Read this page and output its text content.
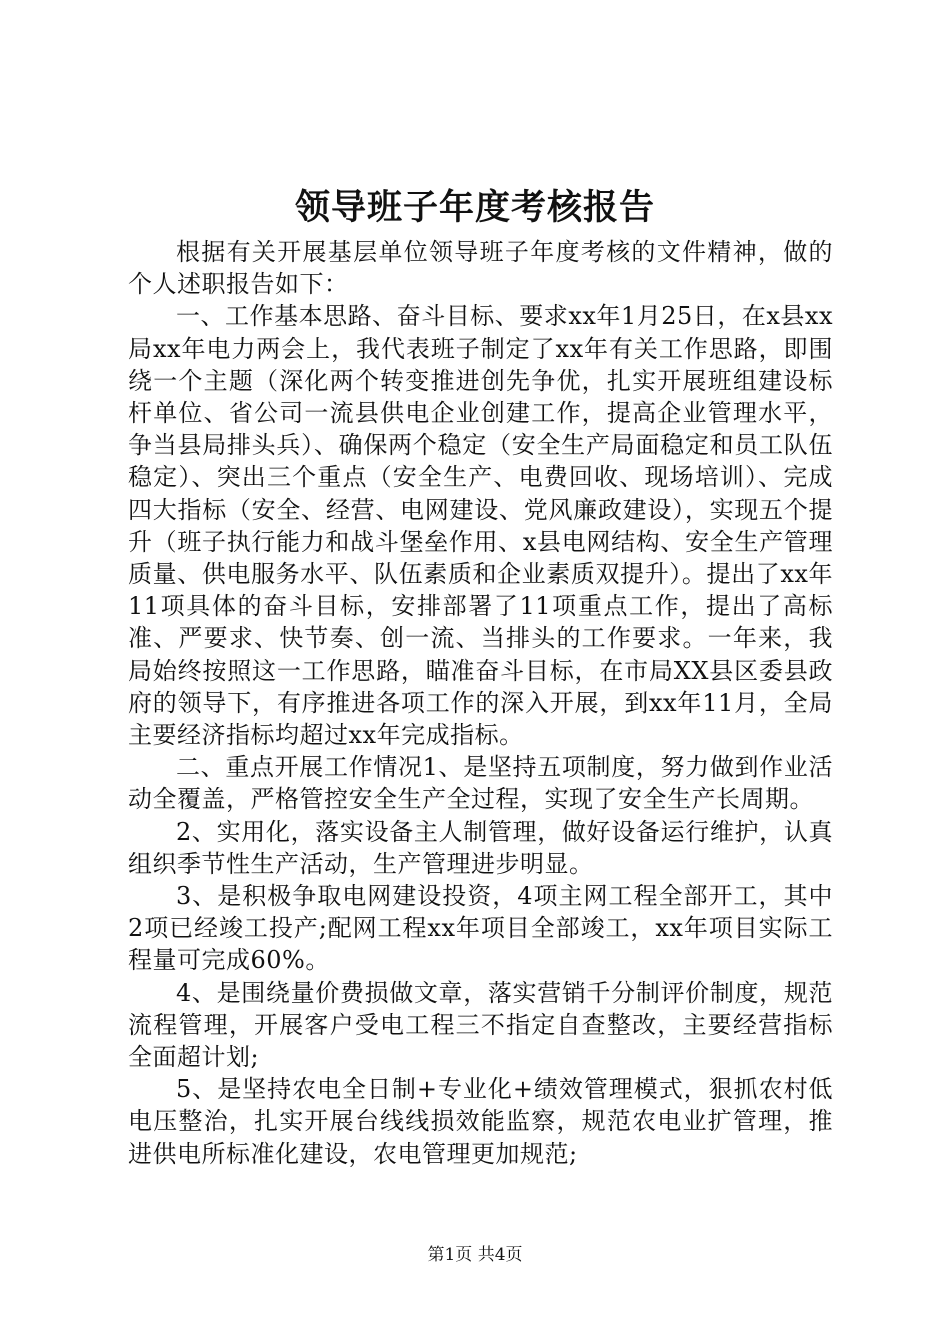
领导班子年度考核报告

根据有关开展基层单位领导班子年度考核的文件精神，做的个人述职报告如下：

一、工作基本思路、奋斗目标、要求xx年1月25日，在x县xx局xx年电力两会上，我代表班子制定了xx年有关工作思路，即围绕一个主题（深化两个转变推进创先争优，扎实开展班组建设标杆单位、省公司一流县供电企业创建工作，提高企业管理水平，争当县局排头兵）、确保两个稳定（安全生产局面稳定和员工队伍稳定）、突出三个重点（安全生产、电费回收、现场培训）、完成四大指标（安全、经营、电网建设、党风廉政建设），实现五个提升（班子执行能力和战斗堡垒作用、x县电网结构、安全生产管理质量、供电服务水平、队伍素质和企业素质双提升）。提出了xx年11项具体的奋斗目标，安排部署了11项重点工作，提出了高标准、严要求、快节奏、创一流、当排头的工作要求。一年来，我局始终按照这一工作思路，瞄准奋斗目标，在市局XX县区委县政府的领导下，有序推进各项工作的深入开展，到xx年11月，全局主要经济指标均超过xx年完成指标。

二、重点开展工作情况1、是坚持五项制度，努力做到作业活动全覆盖，严格管控安全生产全过程，实现了安全生产长周期。

2、实用化，落实设备主人制管理，做好设备运行维护，认真组织季节性生产活动，生产管理进步明显。

3、是积极争取电网建设投资，4项主网工程全部开工，其中2项已经竣工投产;配网工程xx年项目全部竣工，xx年项目实际工程量可完成60%。

4、是围绕量价费损做文章，落实营销千分制评价制度，规范流程管理，开展客户受电工程三不指定自查整改，主要经营指标全面超计划;

5、是坚持农电全日制+专业化+绩效管理模式，狠抓农村低电压整治，扎实开展台线线损效能监察，规范农电业扩管理，推进供电所标准化建设，农电管理更加规范;

第1页 共4页
